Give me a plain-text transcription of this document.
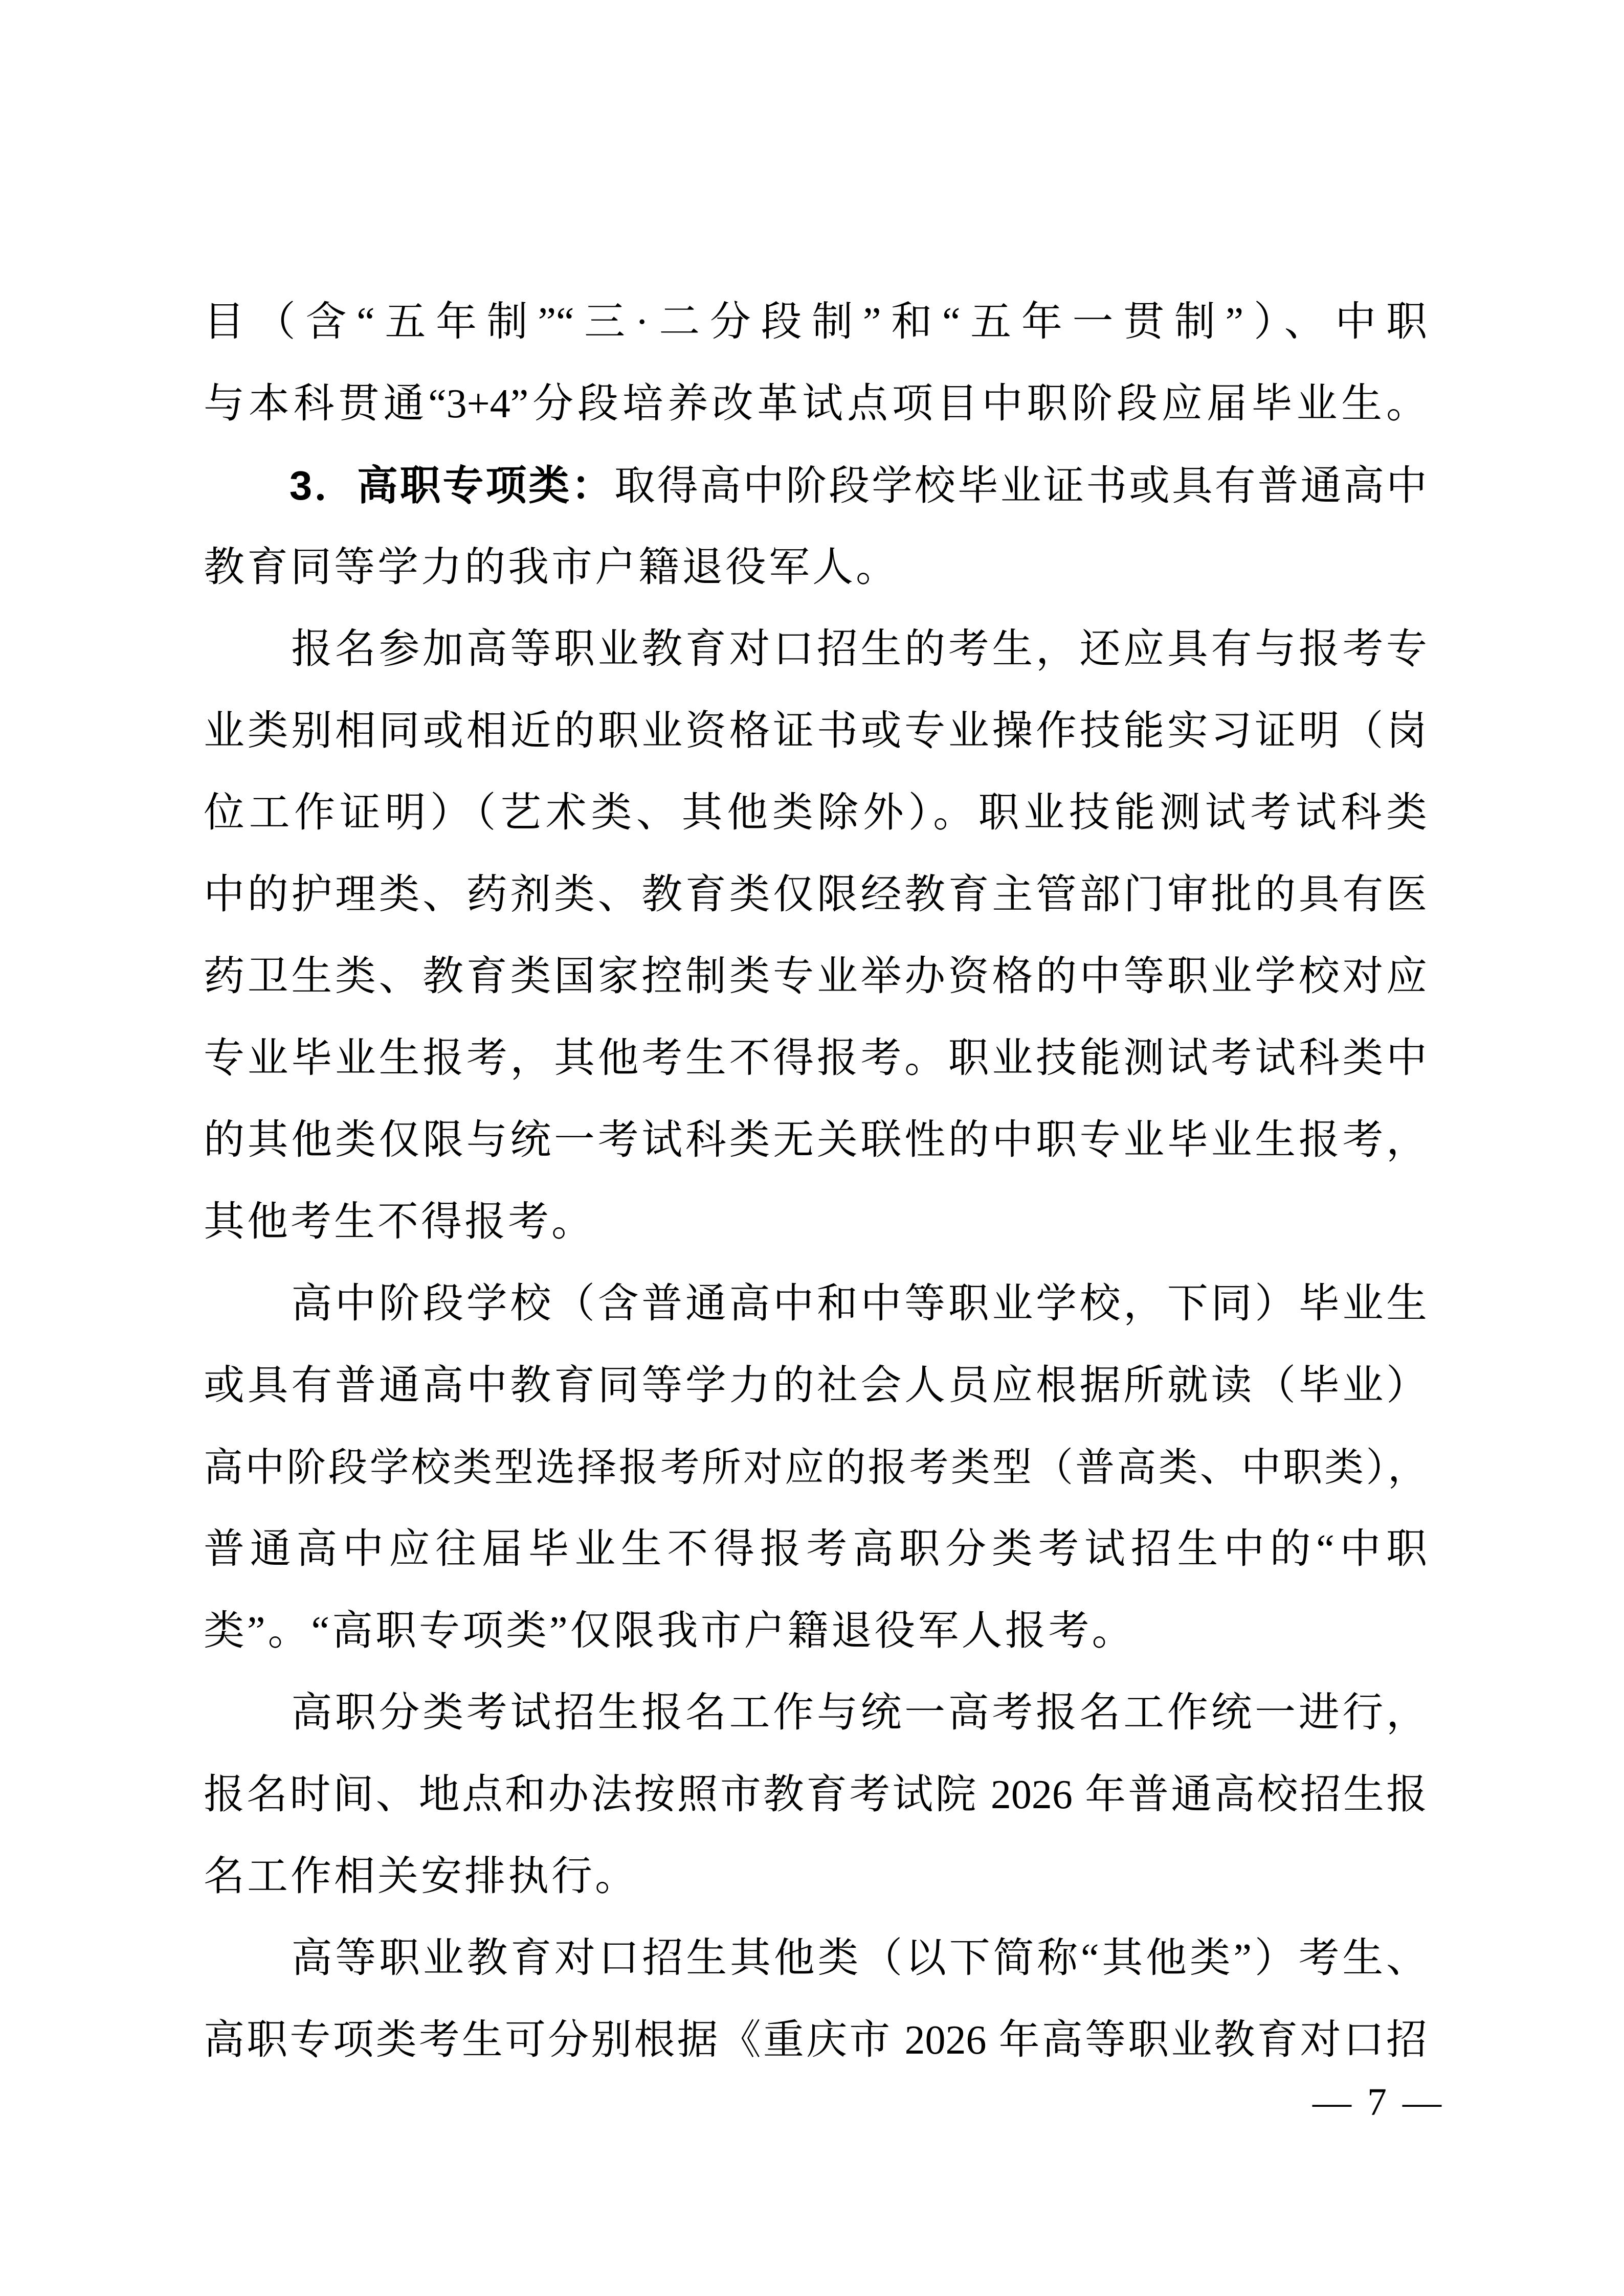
目（含“五年制”“三·二分段制”和“五年一贯制”）、中职
与本科贯通“3+4”分段培养改革试点项目中职阶段应届毕业生。
　　3．高职专项类：取得高中阶段学校毕业证书或具有普通高中
教育同等学力的我市户籍退役军人。
　　报名参加高等职业教育对口招生的考生，还应具有与报考专
业类别相同或相近的职业资格证书或专业操作技能实习证明（岗
位工作证明）（艺术类、其他类除外）。职业技能测试考试科类
中的护理类、药剂类、教育类仅限经教育主管部门审批的具有医
药卫生类、教育类国家控制类专业举办资格的中等职业学校对应
专业毕业生报考，其他考生不得报考。职业技能测试考试科类中
的其他类仅限与统一考试科类无关联性的中职专业毕业生报考，
其他考生不得报考。
　　高中阶段学校（含普通高中和中等职业学校，下同）毕业生
或具有普通高中教育同等学力的社会人员应根据所就读（毕业）
高中阶段学校类型选择报考所对应的报考类型（普高类、中职类），
普通高中应往届毕业生不得报考高职分类考试招生中的“中职
类”。“高职专项类”仅限我市户籍退役军人报考。
　　高职分类考试招生报名工作与统一高考报名工作统一进行，
报名时间、地点和办法按照市教育考试院 2026 年普通高校招生报
名工作相关安排执行。
　　高等职业教育对口招生其他类（以下简称“其他类”）考生、
高职专项类考生可分别根据《重庆市 2026 年高等职业教育对口招
— 7 —
